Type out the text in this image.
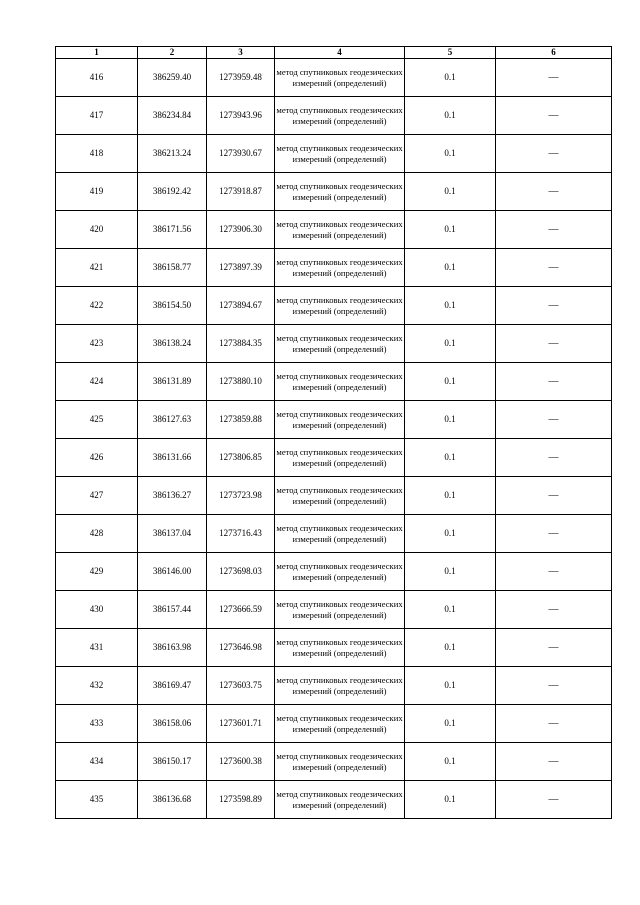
1	2	3	4	5	6
416	386259.40	1273959.48	метод спутниковых геодезических измерений (определений)	0.1	—
417	386234.84	1273943.96	метод спутниковых геодезических измерений (определений)	0.1	—
418	386213.24	1273930.67	метод спутниковых геодезических измерений (определений)	0.1	—
419	386192.42	1273918.87	метод спутниковых геодезических измерений (определений)	0.1	—
420	386171.56	1273906.30	метод спутниковых геодезических измерений (определений)	0.1	—
421	386158.77	1273897.39	метод спутниковых геодезических измерений (определений)	0.1	—
422	386154.50	1273894.67	метод спутниковых геодезических измерений (определений)	0.1	—
423	386138.24	1273884.35	метод спутниковых геодезических измерений (определений)	0.1	—
424	386131.89	1273880.10	метод спутниковых геодезических измерений (определений)	0.1	—
425	386127.63	1273859.88	метод спутниковых геодезических измерений (определений)	0.1	—
426	386131.66	1273806.85	метод спутниковых геодезических измерений (определений)	0.1	—
427	386136.27	1273723.98	метод спутниковых геодезических измерений (определений)	0.1	—
428	386137.04	1273716.43	метод спутниковых геодезических измерений (определений)	0.1	—
429	386146.00	1273698.03	метод спутниковых геодезических измерений (определений)	0.1	—
430	386157.44	1273666.59	метод спутниковых геодезических измерений (определений)	0.1	—
431	386163.98	1273646.98	метод спутниковых геодезических измерений (определений)	0.1	—
432	386169.47	1273603.75	метод спутниковых геодезических измерений (определений)	0.1	—
433	386158.06	1273601.71	метод спутниковых геодезических измерений (определений)	0.1	—
434	386150.17	1273600.38	метод спутниковых геодезических измерений (определений)	0.1	—
435	386136.68	1273598.89	метод спутниковых геодезических измерений (определений)	0.1	—
